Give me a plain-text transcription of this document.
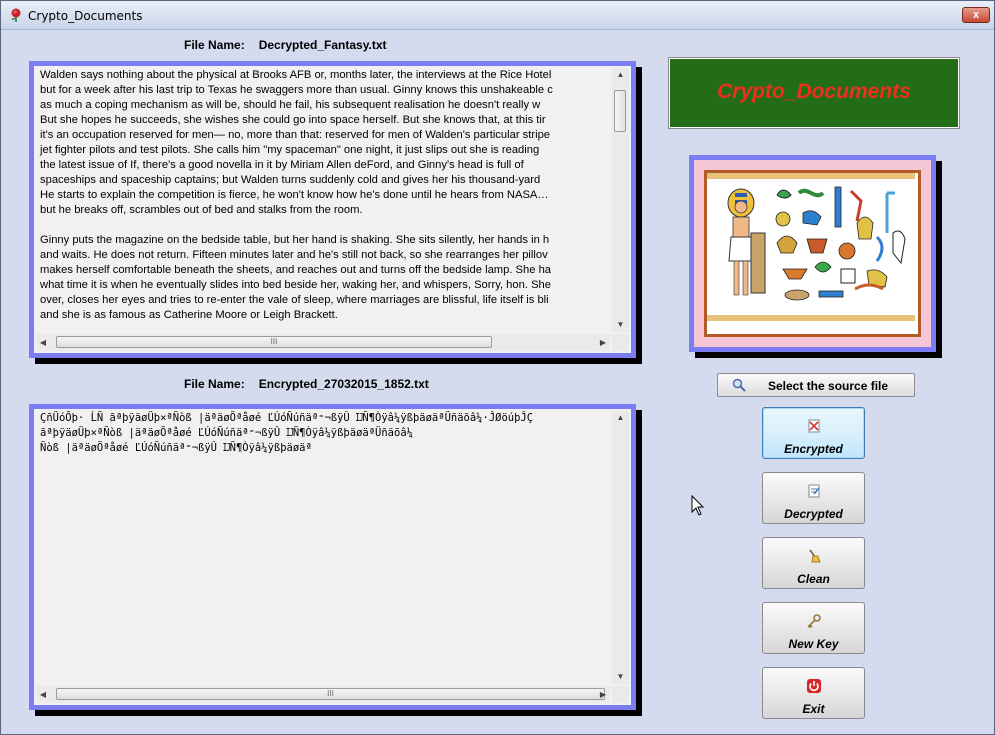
Crypto_Documents	x
File Name: Decrypted_Fantasy.txt
Walden says nothing about the physical at Brooks AFB or, months later, the interviews at the Rice Hotel
but for a week after his last trip to Texas he swaggers more than usual. Ginny knows this unshakeable c
as much a coping mechanism as will be, should he fail, his subsequent realisation he doesn't really w
But she hopes he succeeds, she wishes she could go into space herself. But she knows that, at this tir
it's an occupation reserved for men— no, more than that: reserved for men of Walden's particular stripe
jet fighter pilots and test pilots. She calls him "my spaceman" one night, it just slips out she is reading
the latest issue of If, there's a good novella in it by Miriam Allen deFord, and Ginny's head is full of
spaceships and spaceship captains; but Walden turns suddenly cold and gives her his thousand-yard
He starts to explain the competition is fierce, he won't know how he's done until he hears from NASA…
but he breaks off, scrambles out of bed and stalks from the room.
Ginny puts the magazine on the bedside table, but her hand is shaking. She sits silently, her hands in h
and waits. He does not return. Fifteen minutes later and he's still not back, so she rearranges her pillov
makes herself comfortable beneath the sheets, and reaches out and turns off the bedside lamp. She ha
what time it is when he eventually slides into bed beside her, waking her, and whispers, Sorry, hon. She
over, closes her eyes and tries to re-enter the vale of sleep, where marriages are blissful, life itself is bli
and she is as famous as Catherine Moore or Leigh Brackett.
▲
▼
◀	III	▶
File Name: Encrypted_27032015_1852.txt
ÇñÜóÕþ· ĹÑ ãªþÿäøÜþ×ªÑòß |äªäøÕªåøé ĽÚóÑúñäª⁼¬ßÿÛ ĲÑ¶Òÿâ¼ÿßþäøäªÜñäõâ¼·ĴØöúþĴÇ
ãªþÿäøÜþ×ªÑòß |äªäøÕªåøé ĽÚóÑúñäª⁼¬ßÿÛ ĲÑ¶Òÿâ¼ÿßþäøäªÜñäõâ¼
Ñòß |äªäøÕªåøé ĽÚóÑúñäª⁼¬ßÿÛ ĲÑ¶Òÿâ¼ÿßþäøäª
▲
▼
◀	III	▶
Crypto_Documents
Select the source file
Encrypted
Decrypted
Clean
New Key
Exit
